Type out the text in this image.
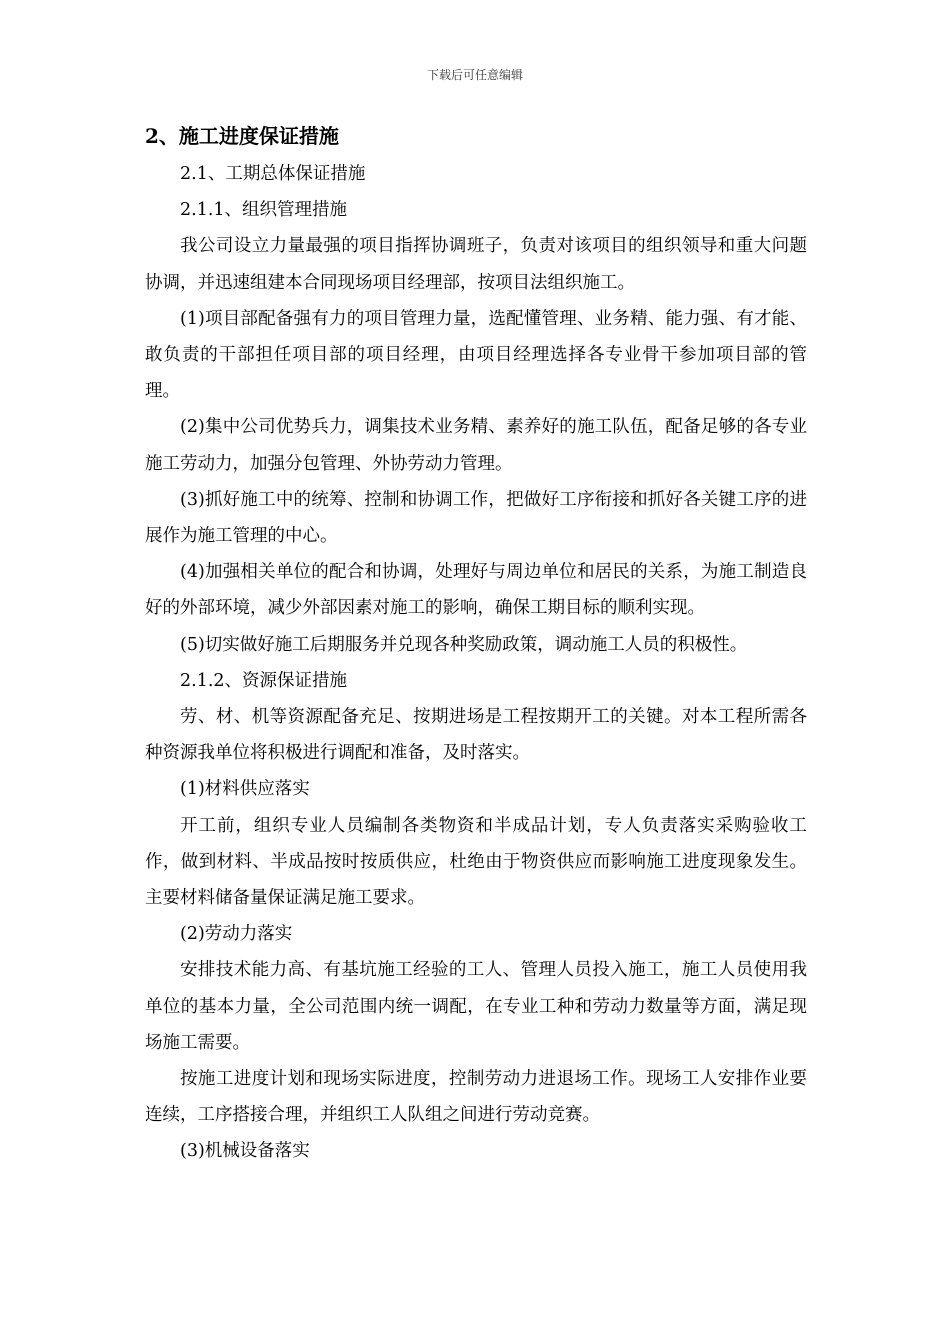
下载后可任意编辑
2、施工进度保证措施

2.1、工期总体保证措施

2.1.1、组织管理措施

我公司设立力量最强的项目指挥协调班子，负责对该项目的组织领导和重大问题协调，并迅速组建本合同现场项目经理部，按项目法组织施工。

(1)项目部配备强有力的项目管理力量，选配懂管理、业务精、能力强、有才能、敢负责的干部担任项目部的项目经理，由项目经理选择各专业骨干参加项目部的管理。

(2)集中公司优势兵力，调集技术业务精、素养好的施工队伍，配备足够的各专业施工劳动力，加强分包管理、外协劳动力管理。

(3)抓好施工中的统筹、控制和协调工作，把做好工序衔接和抓好各关键工序的进展作为施工管理的中心。

(4)加强相关单位的配合和协调，处理好与周边单位和居民的关系，为施工制造良好的外部环境，减少外部因素对施工的影响，确保工期目标的顺利实现。

(5)切实做好施工后期服务并兑现各种奖励政策，调动施工人员的积极性。

2.1.2、资源保证措施

劳、材、机等资源配备充足、按期进场是工程按期开工的关键。对本工程所需各种资源我单位将积极进行调配和准备，及时落实。

(1)材料供应落实

开工前，组织专业人员编制各类物资和半成品计划，专人负责落实采购验收工作，做到材料、半成品按时按质供应，杜绝由于物资供应而影响施工进度现象发生。主要材料储备量保证满足施工要求。

(2)劳动力落实

安排技术能力高、有基坑施工经验的工人、管理人员投入施工，施工人员使用我单位的基本力量，全公司范围内统一调配，在专业工种和劳动力数量等方面，满足现场施工需要。

按施工进度计划和现场实际进度，控制劳动力进退场工作。现场工人安排作业要连续，工序搭接合理，并组织工人队组之间进行劳动竞赛。

(3)机械设备落实
